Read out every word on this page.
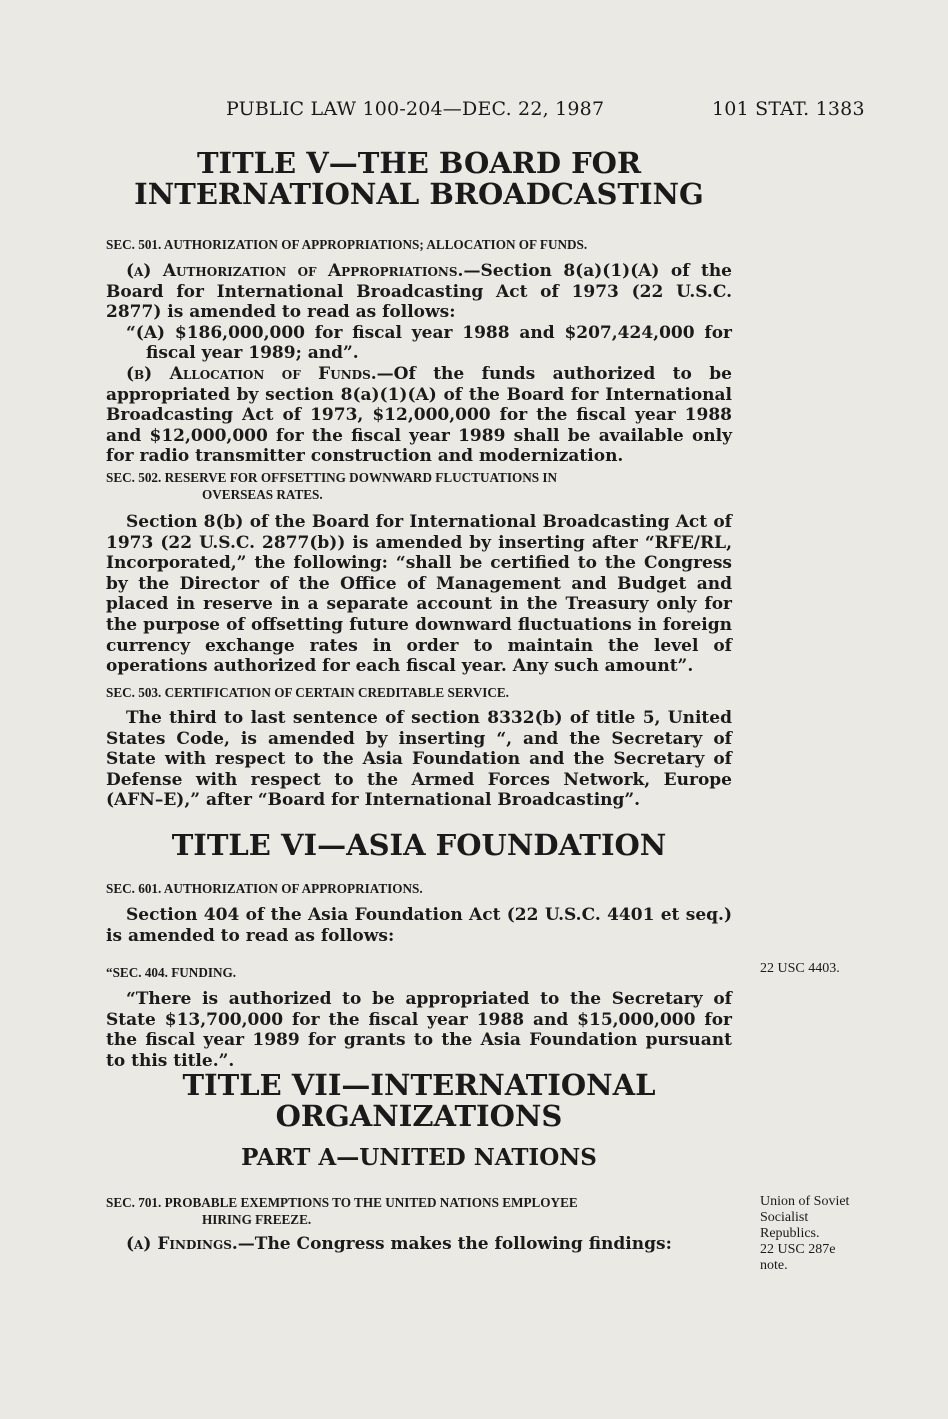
PUBLIC LAW 100-204—DEC. 22, 1987	101 STAT. 1383

TITLE V—THE BOARD FOR

INTERNATIONAL BROADCASTING

SEC. 501. AUTHORIZATION OF APPROPRIATIONS; ALLOCATION OF FUNDS.

(a) Authorization of Appropriations.—Section 8(a)(1)(A) of the Board for International Broadcasting Act of 1973 (22 U.S.C. 2877) is amended to read as follows:

“(A) $186,000,000 for fiscal year 1988 and $207,424,000 for fiscal year 1989; and”.

(b) Allocation of Funds.—Of the funds authorized to be appropriated by section 8(a)(1)(A) of the Board for International Broadcasting Act of 1973, $12,000,000 for the fiscal year 1988 and $12,000,000 for the fiscal year 1989 shall be available only for radio transmitter construction and modernization.

SEC. 502. RESERVE FOR OFFSETTING DOWNWARD FLUCTUATIONS IN
OVERSEAS RATES.

Section 8(b) of the Board for International Broadcasting Act of 1973 (22 U.S.C. 2877(b)) is amended by inserting after “RFE/RL, Incorporated,” the following: “shall be certified to the Congress by the Director of the Office of Management and Budget and placed in reserve in a separate account in the Treasury only for the purpose of offsetting future downward fluctuations in foreign currency exchange rates in order to maintain the level of operations authorized for each fiscal year. Any such amount”.

SEC. 503. CERTIFICATION OF CERTAIN CREDITABLE SERVICE.

The third to last sentence of section 8332(b) of title 5, United States Code, is amended by inserting “, and the Secretary of State with respect to the Asia Foundation and the Secretary of Defense with respect to the Armed Forces Network, Europe (AFN–E),” after “Board for International Broadcasting”.

TITLE VI—ASIA FOUNDATION

SEC. 601. AUTHORIZATION OF APPROPRIATIONS.

Section 404 of the Asia Foundation Act (22 U.S.C. 4401 et seq.) is amended to read as follows:

“SEC. 404. FUNDING.

“There is authorized to be appropriated to the Secretary of State $13,700,000 for the fiscal year 1988 and $15,000,000 for the fiscal year 1989 for grants to the Asia Foundation pursuant to this title.”.

TITLE VII—INTERNATIONAL

ORGANIZATIONS

PART A—UNITED NATIONS

SEC. 701. PROBABLE EXEMPTIONS TO THE UNITED NATIONS EMPLOYEE
HIRING FREEZE.

(a) Findings.—The Congress makes the following findings:

22 USC 4403.
Union of Soviet
Socialist
Republics.
22 USC 287e
note.
